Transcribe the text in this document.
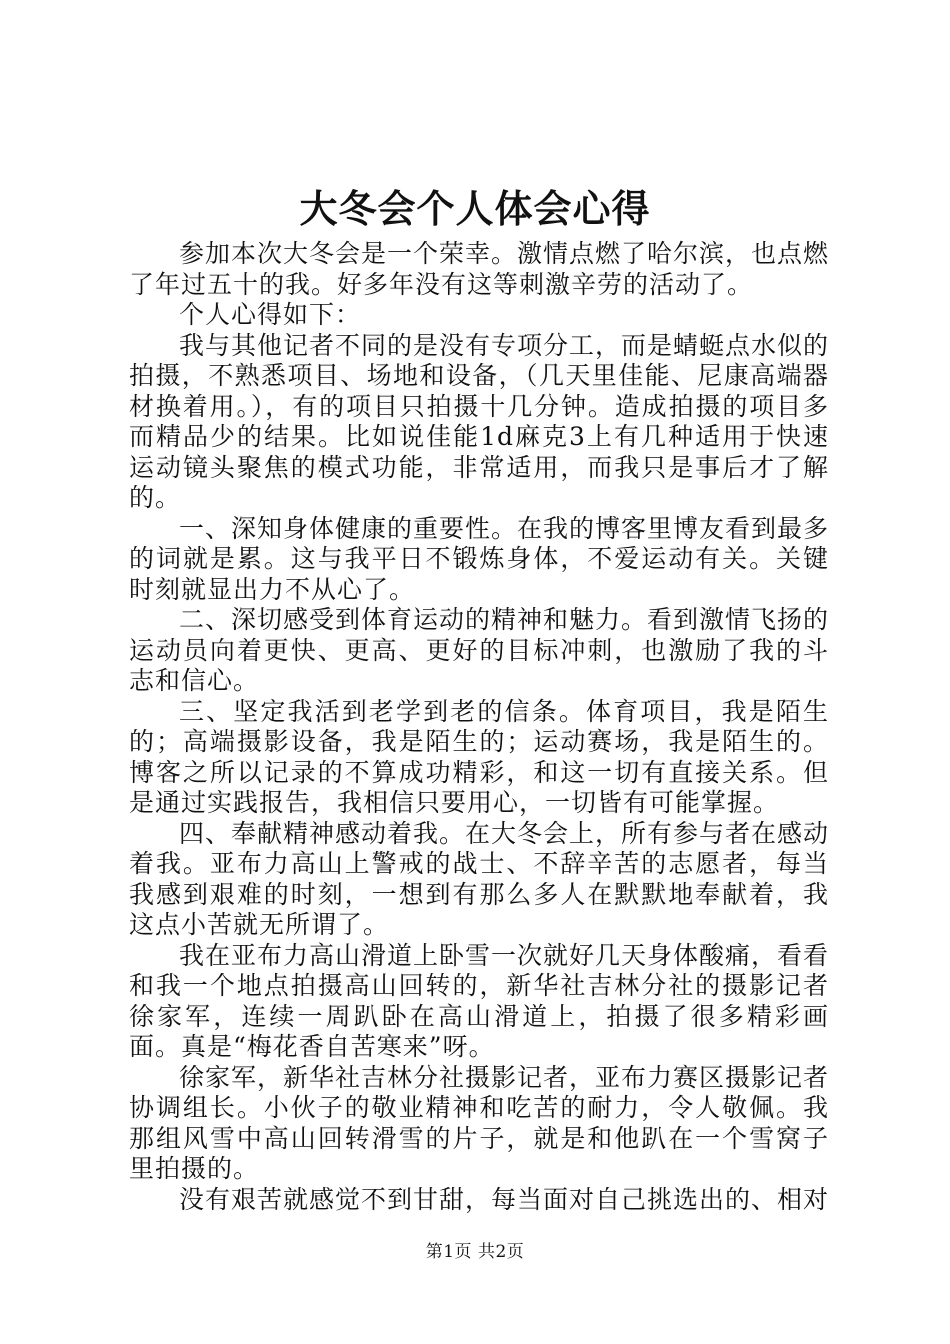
大冬会个人体会心得

参加本次大冬会是一个荣幸。激情点燃了哈尔滨，也点燃了年过五十的我。好多年没有这等刺激辛劳的活动了。

个人心得如下：

我与其他记者不同的是没有专项分工，而是蜻蜓点水似的拍摄，不熟悉项目、场地和设备，（几天里佳能、尼康高端器材换着用。），有的项目只拍摄十几分钟。造成拍摄的项目多而精品少的结果。比如说佳能1d麻克3上有几种适用于快速运动镜头聚焦的模式功能，非常适用，而我只是事后才了解的。

一、深知身体健康的重要性。在我的博客里博友看到最多的词就是累。这与我平日不锻炼身体，不爱运动有关。关键时刻就显出力不从心了。

二、深切感受到体育运动的精神和魅力。看到激情飞扬的运动员向着更快、更高、更好的目标冲刺，也激励了我的斗志和信心。

三、坚定我活到老学到老的信条。体育项目，我是陌生的；高端摄影设备，我是陌生的；运动赛场，我是陌生的。博客之所以记录的不算成功精彩，和这一切有直接关系。但是通过实践报告，我相信只要用心，一切皆有可能掌握。

四、奉献精神感动着我。在大冬会上，所有参与者在感动着我。亚布力高山上警戒的战士、不辞辛苦的志愿者，每当我感到艰难的时刻，一想到有那么多人在默默地奉献着，我这点小苦就无所谓了。

我在亚布力高山滑道上卧雪一次就好几天身体酸痛，看看和我一个地点拍摄高山回转的，新华社吉林分社的摄影记者徐家军，连续一周趴卧在高山滑道上，拍摄了很多精彩画面。真是“梅花香自苦寒来”呀。

徐家军，新华社吉林分社摄影记者，亚布力赛区摄影记者协调组长。小伙子的敬业精神和吃苦的耐力，令人敬佩。我那组风雪中高山回转滑雪的片子，就是和他趴在一个雪窝子里拍摄的。

没有艰苦就感觉不到甘甜，每当面对自己挑选出的、相对

第1页 共2页
